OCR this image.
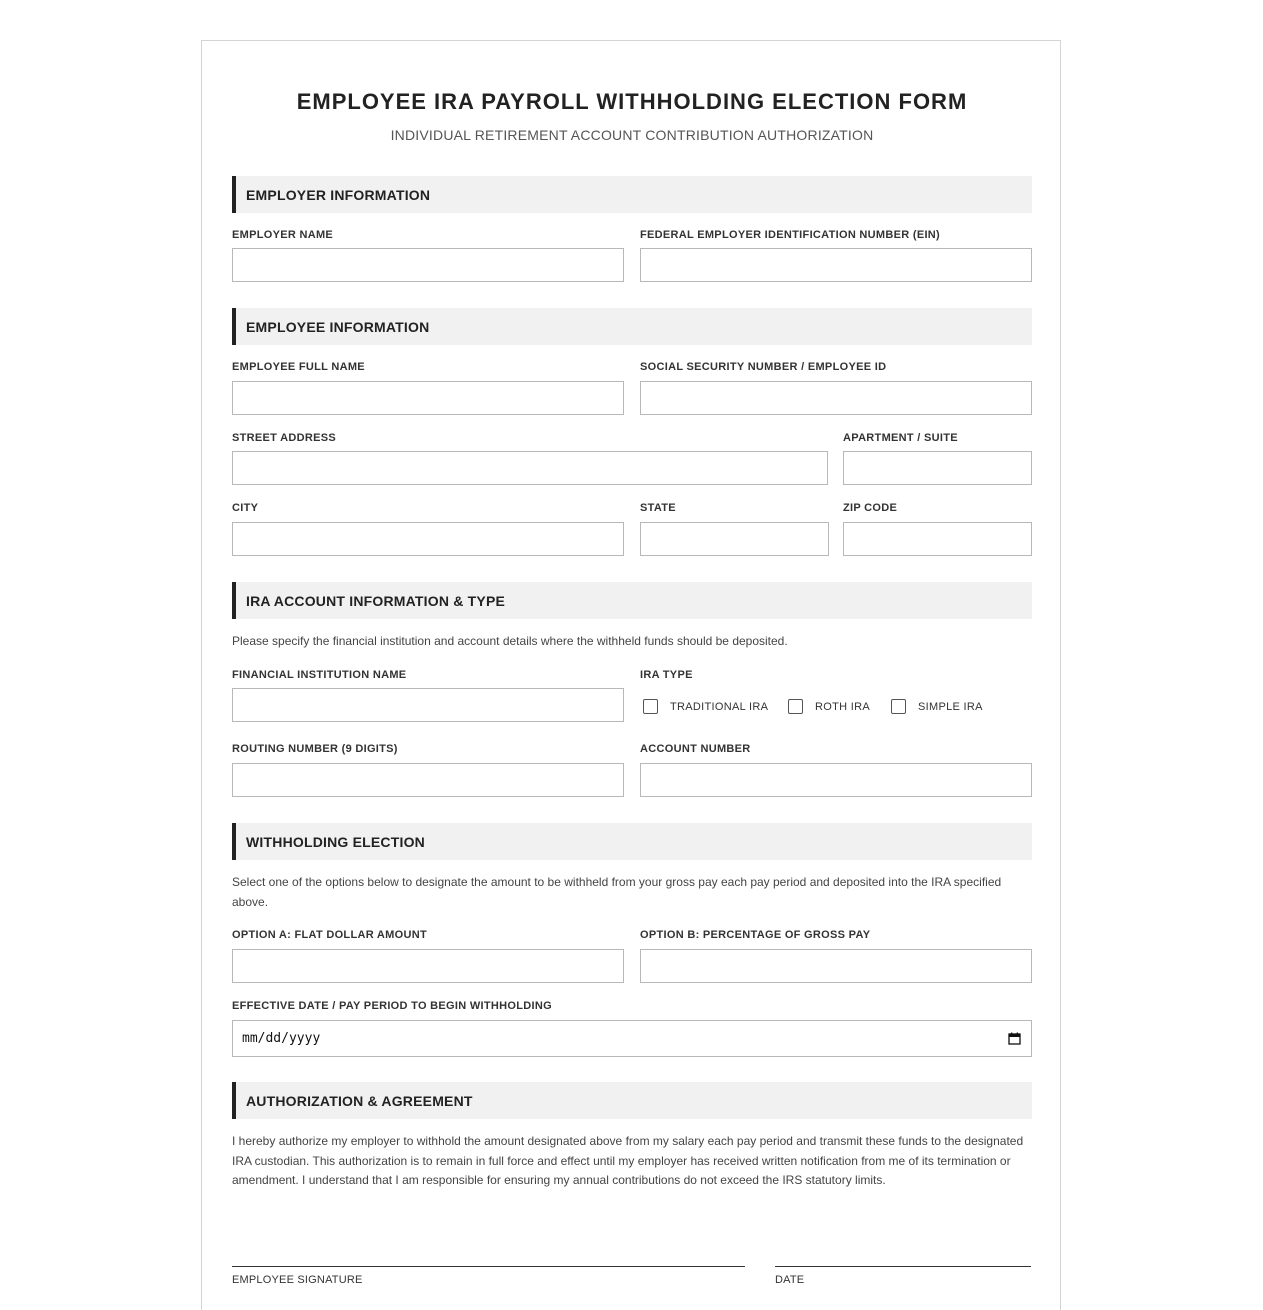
EMPLOYEE IRA PAYROLL WITHHOLDING ELECTION FORM
INDIVIDUAL RETIREMENT ACCOUNT CONTRIBUTION AUTHORIZATION
EMPLOYER INFORMATION
EMPLOYER NAME	FEDERAL EMPLOYER IDENTIFICATION NUMBER (EIN)
EMPLOYEE INFORMATION
EMPLOYEE FULL NAME	SOCIAL SECURITY NUMBER / EMPLOYEE ID
STREET ADDRESS	APARTMENT / SUITE
CITY	STATE	ZIP CODE
IRA ACCOUNT INFORMATION & TYPE
Please specify the financial institution and account details where the withheld funds should be deposited.
FINANCIAL INSTITUTION NAME	IRA TYPE
TRADITIONAL IRA	ROTH IRA	SIMPLE IRA
ROUTING NUMBER (9 DIGITS)	ACCOUNT NUMBER
WITHHOLDING ELECTION
Select one of the options below to designate the amount to be withheld from your gross pay each pay period and deposited into the IRA specified above.
OPTION A: FLAT DOLLAR AMOUNT	OPTION B: PERCENTAGE OF GROSS PAY
EFFECTIVE DATE / PAY PERIOD TO BEGIN WITHHOLDING
mm/dd/yyyy
AUTHORIZATION & AGREEMENT
I hereby authorize my employer to withhold the amount designated above from my salary each pay period and transmit these funds to the designated IRA custodian. This authorization is to remain in full force and effect until my employer has received written notification from me of its termination or amendment. I understand that I am responsible for ensuring my annual contributions do not exceed the IRS statutory limits.
EMPLOYEE SIGNATURE	DATE
